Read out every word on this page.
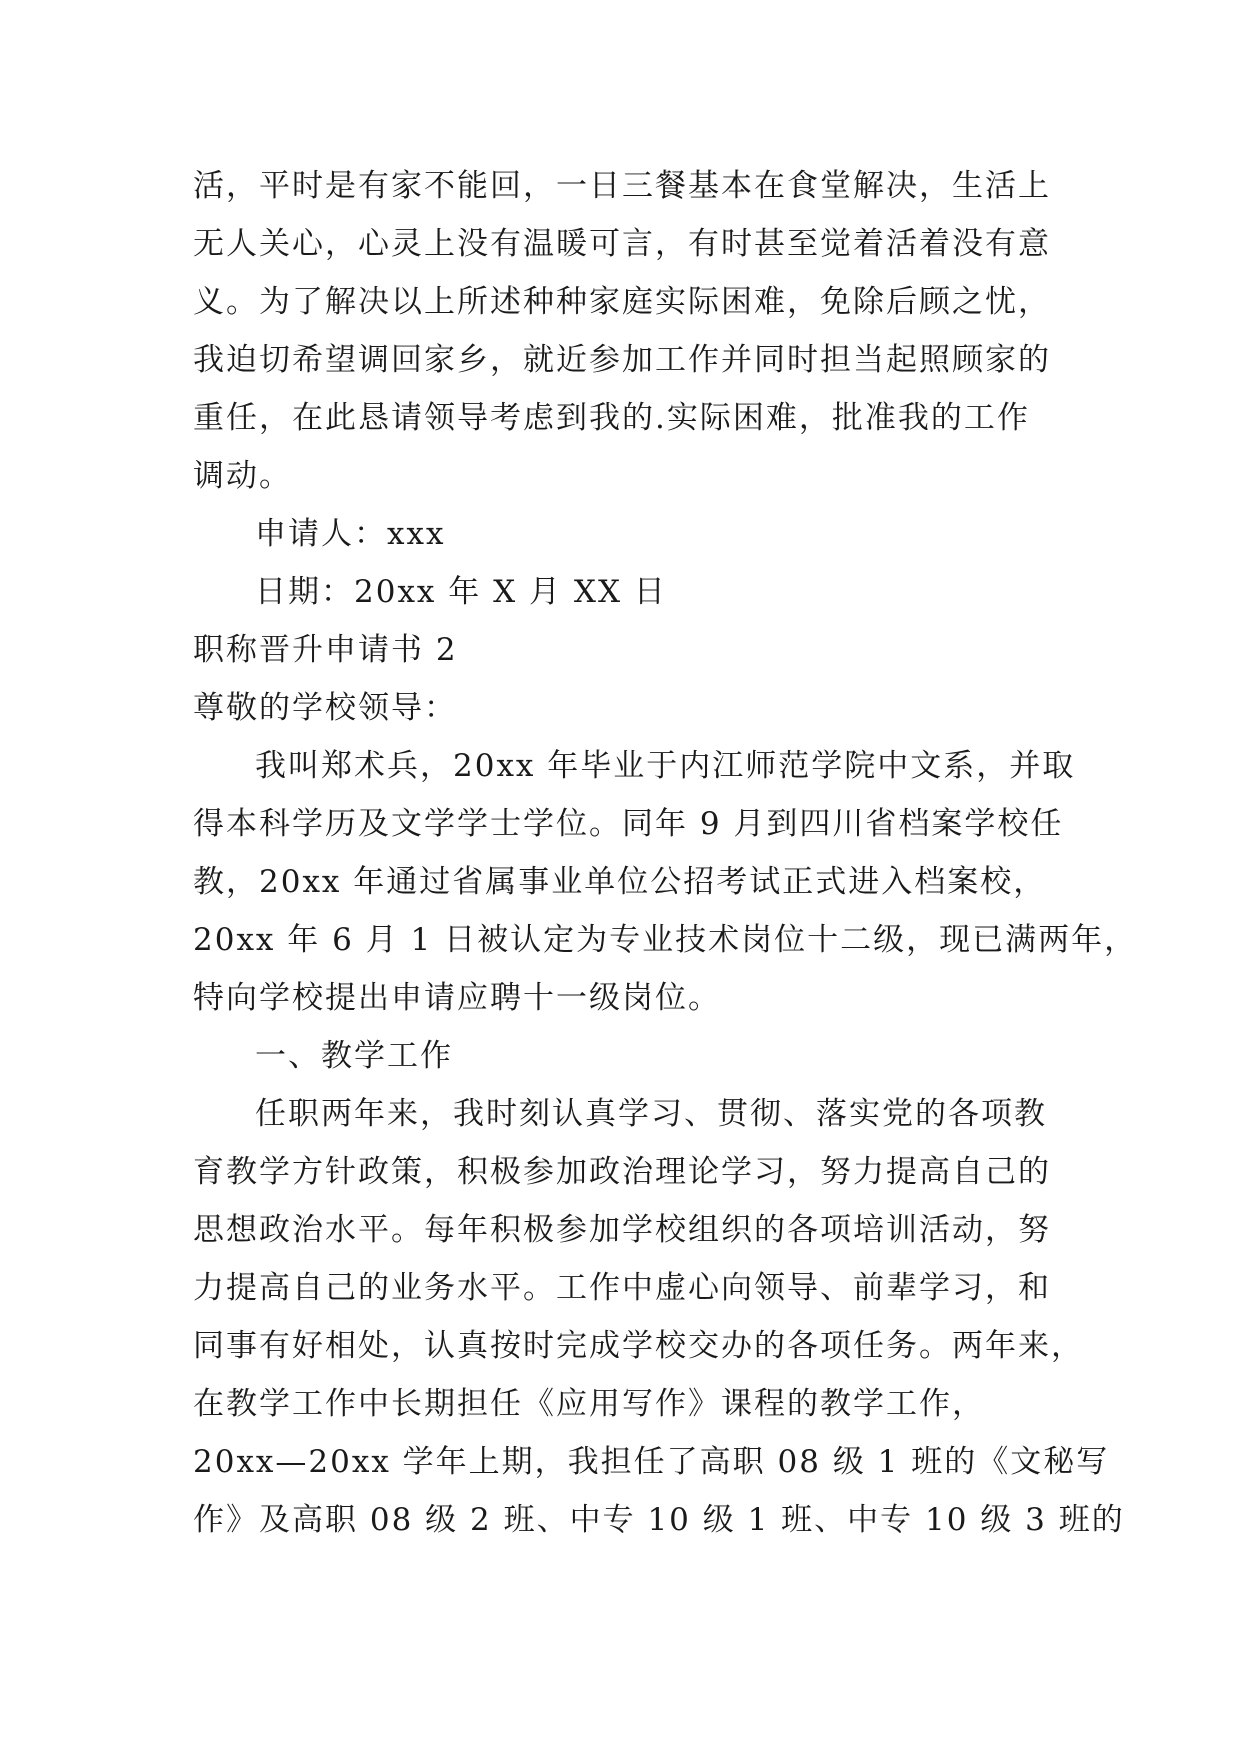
活，平时是有家不能回，一日三餐基本在食堂解决，生活上
无人关心，心灵上没有温暖可言，有时甚至觉着活着没有意
义。为了解决以上所述种种家庭实际困难，免除后顾之忧，
我迫切希望调回家乡，就近参加工作并同时担当起照顾家的
重任，在此恳请领导考虑到我的.实际困难，批准我的工作
调动。
申请人：xxx
日期：20xx 年 X 月 XX 日
职称晋升申请书 2
尊敬的学校领导：
我叫郑术兵，20xx 年毕业于内江师范学院中文系，并取
得本科学历及文学学士学位。同年 9 月到四川省档案学校任
教，20xx 年通过省属事业单位公招考试正式进入档案校，
20xx 年 6 月 1 日被认定为专业技术岗位十二级，现已满两年，
特向学校提出申请应聘十一级岗位。
一、教学工作
任职两年来，我时刻认真学习、贯彻、落实党的各项教
育教学方针政策，积极参加政治理论学习，努力提高自己的
思想政治水平。每年积极参加学校组织的各项培训活动，努
力提高自己的业务水平。工作中虚心向领导、前辈学习，和
同事有好相处，认真按时完成学校交办的各项任务。两年来，
在教学工作中长期担任《应用写作》课程的教学工作，
20xx—20xx 学年上期，我担任了高职 08 级 1 班的《文秘写
作》及高职 08 级 2 班、中专 10 级 1 班、中专 10 级 3 班的
